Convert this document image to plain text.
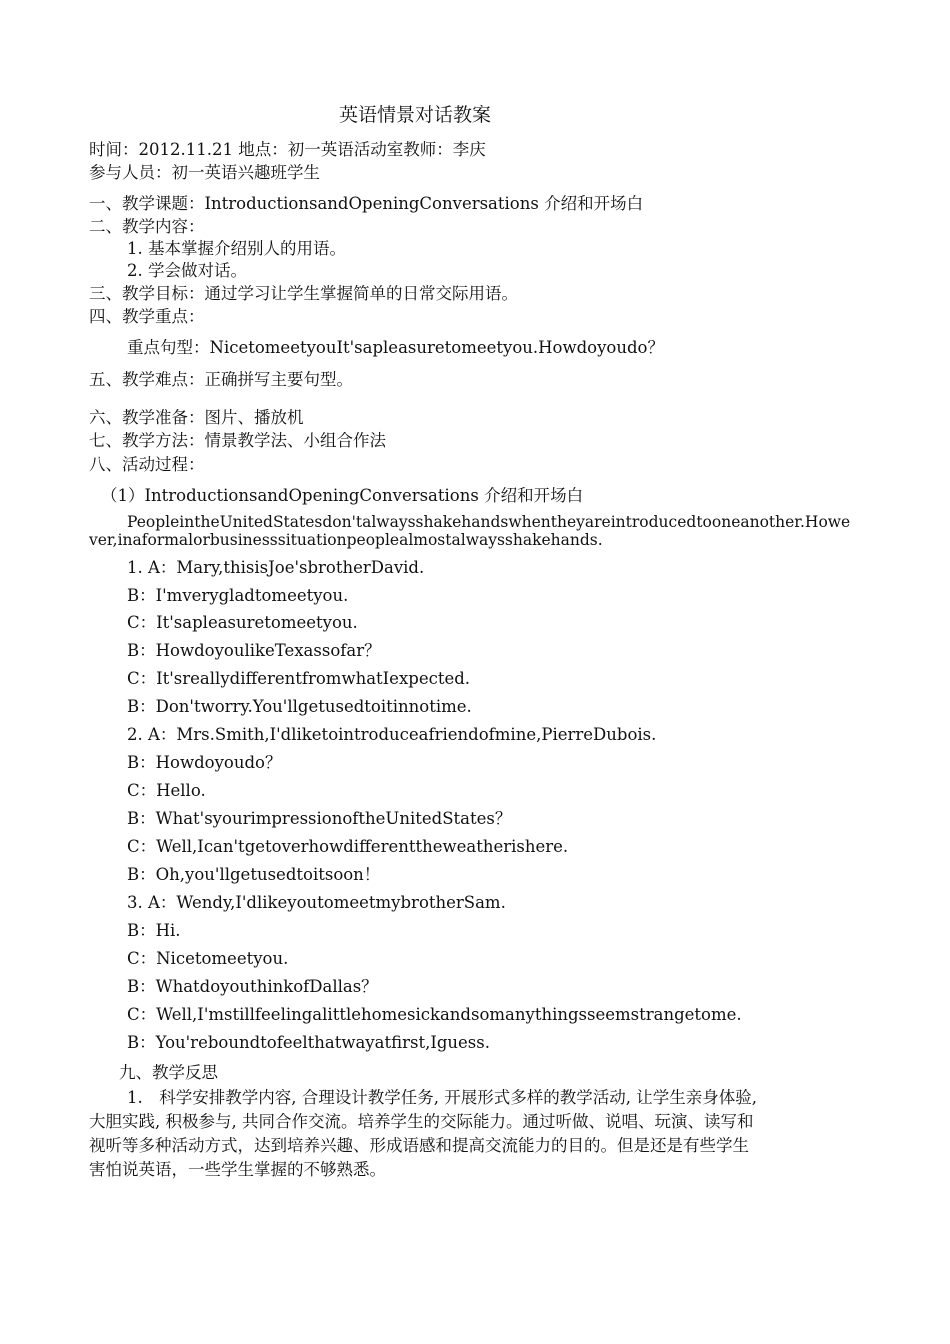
英语情景对话教案
时间：2012.11.21 地点：初一英语活动室教师：李庆
参与人员：初一英语兴趣班学生
一、教学课题：IntroductionsandOpeningConversations 介绍和开场白
二、教学内容：
1. 基本掌握介绍别人的用语。
2. 学会做对话。
三、教学目标：通过学习让学生掌握简单的日常交际用语。
四、教学重点：
重点句型：NicetomeetyouIt'sapleasuretomeetyou.Howdoyoudo？
五、教学难点：正确拼写主要句型。
六、教学准备：图片、播放机
七、教学方法：情景教学法、小组合作法
八、活动过程：
（1）IntroductionsandOpeningConversations 介绍和开场白
PeopleintheUnitedStatesdon'talwaysshakehandswhentheyareintroducedtooneanother.However,inaformalorbusinesssituationpeoplealmostalwaysshakehands.
1. A：Mary,thisisJoe'sbrotherDavid.
B：I'mverygladtomeetyou.
C：It'sapleasuretomeetyou.
B：HowdoyoulikeTexassofar？
C：It'sreallydifferentfromwhatIexpected.
B：Don'tworry.You'llgetusedtoitinnotime.
2. A：Mrs.Smith,I'dliketointroduceafriendofmine,PierreDubois.
B：Howdoyoudo？
C：Hello.
B：What'syourimpressionoftheUnitedStates？
C：Well,Ican'tgetoverhowdifferenttheweatherishere.
B：Oh,you'llgetusedtoitsoon！
3. A：Wendy,I'dlikeyoutomeetmybrotherSam.
B：Hi.
C：Nicetomeetyou.
B：WhatdoyouthinkofDallas？
C：Well,I'mstillfeelingalittlehomesickandsomanythingsseemstrangetome.
B：You'reboundtofeelthatwayatfirst,Iguess.
九、教学反思
1.　科学安排教学内容, 合理设计教学任务, 开展形式多样的教学活动, 让学生亲身体验,
大胆实践, 积极参与, 共同合作交流。培养学生的交际能力。通过听做、说唱、玩演、读写和
视听等多种活动方式，达到培养兴趣、形成语感和提高交流能力的目的。但是还是有些学生
害怕说英语，一些学生掌握的不够熟悉。
